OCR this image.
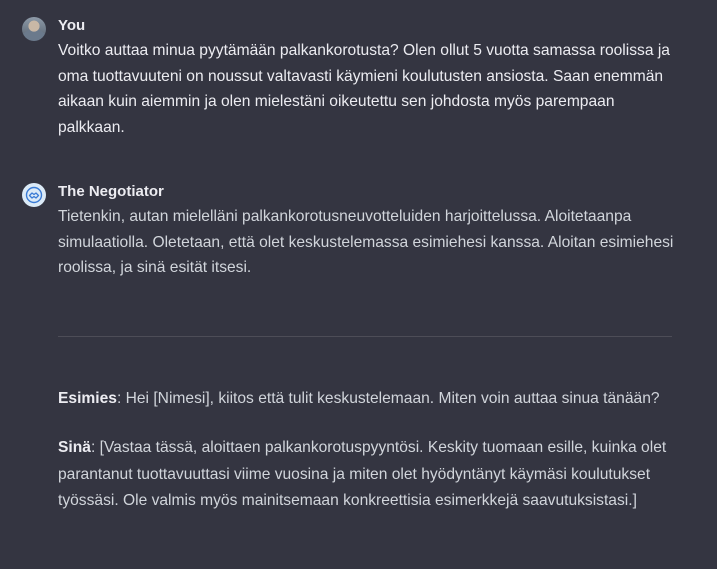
You
Voitko auttaa minua pyytämään palkankorotusta? Olen ollut 5 vuotta samassa roolissa ja oma tuottavuuteni on noussut valtavasti käymieni koulutusten ansiosta. Saan enemmän aikaan kuin aiemmin ja olen mielestäni oikeutettu sen johdosta myös parempaan palkkaan.
The Negotiator
Tietenkin, autan mielelläni palkankorotusneuvotteluiden harjoittelussa. Aloitetaanpa simulaatiolla. Oletetaan, että olet keskustelemassa esimiehesi kanssa. Aloitan esimiehesi roolissa, ja sinä esität itsesi.
Esimies: Hei [Nimesi], kiitos että tulit keskustelemaan. Miten voin auttaa sinua tänään?
Sinä: [Vastaa tässä, aloittaen palkankorotuspyyntösi. Keskity tuomaan esille, kuinka olet parantanut tuottavuuttasi viime vuosina ja miten olet hyödyntänyt käymäsi koulutukset työssäsi. Ole valmis myös mainitsemaan konkreettisia esimerkkejä saavutuksistasi.]
